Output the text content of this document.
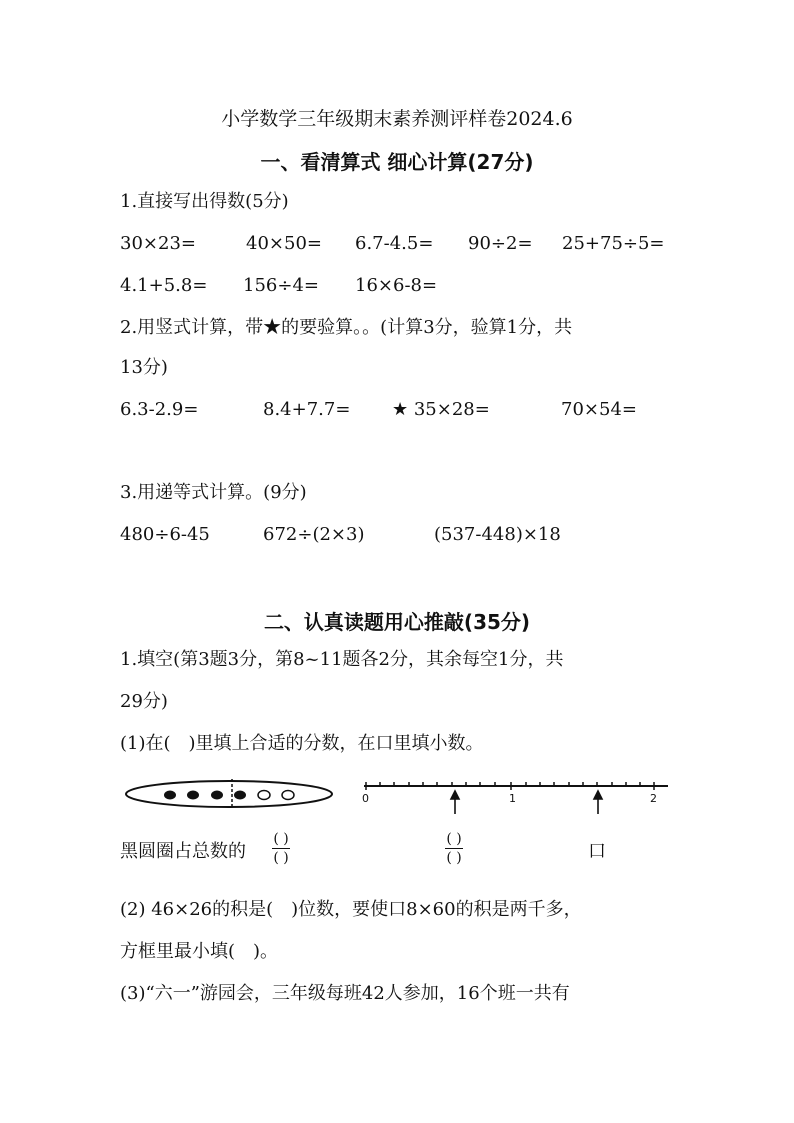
小学数学三年级期末素养测评样卷2024.6
一、看清算式 细心计算(27分)
1.直接写出得数(5分)
30×23=	40×50= 6.7-4.5= 90÷2= 25+75÷5=
4.1+5.8= 156÷4= 16×6-8=
2.用竖式计算，带★的要验算。。(计算3分，验算1分，共
13分)
6.3-2.9=	8.4+7.7= ★ 35×28=	70×54=
3.用递等式计算。(9分)
480÷6-45	672÷(2×3)	(537-448)×18
二、认真读题用心推敲(35分)
1.填空(第3题3分，第8~11题各2分，其余每空1分，共
29分)
(1)在(　)里填上合适的分数，在口里填小数。
0	1	2
黑圆圈占总数的
( )
( )
( )
( )	口
(2) 46×26的积是(　)位数，要使口8×60的积是两千多，
方框里最小填(　)。
(3)“六一”游园会，三年级每班42人参加，16个班一共有
